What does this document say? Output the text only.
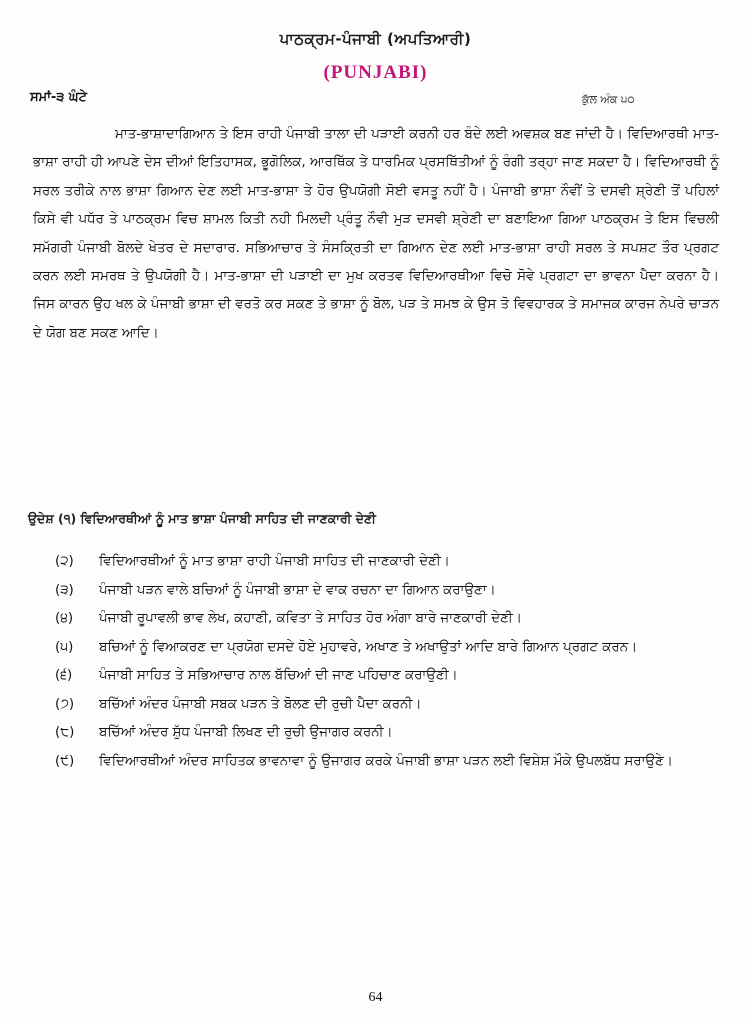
ਪਾਠਕ੍ਰਮ-ਪੰਜਾਬੀ (ਅਪਤਿਆਰੀ)
(PUNJABI)
ਸਮਾਂ-੩ ਘੰਟੇ	ਕੁੱਲ ਅੰਕ ੫੦

ਮਾਤ-ਭਾਸ਼ਾਦਾਗਿਆਨ ਤੇ ਇਸ ਰਾਹੀ ਪੰਜਾਬੀ ਤਾਲਾ ਦੀ ਪੜਾਈ ਕਰਨੀ ਹਰ ਬੰਦੇ ਲਈ ਅਵਸ਼ਕ ਬਣ ਜਾਂਦੀ ਹੈ। ਵਿਦਿਆਰਥੀ ਮਾਤ-ਭਾਸ਼ਾ ਰਾਹੀ ਹੀ ਆਪਣੇ ਦੇਸ ਦੀਆਂ ਇਤਿਹਾਸਕ, ਭੂਗੋਲਿਕ, ਆਰਥਿੱਕ ਤੇ ਧਾਰਮਿਕ ਪ੍ਰਸਥਿੱਤੀਆਂ ਨੂੰ ਰੰਗੀ ਤਰ੍ਹਾ ਜਾਣ ਸਕਦਾ ਹੈ। ਵਿਦਿਆਰਥੀ ਨੂੰ ਸਰਲ ਤਰੀਕੇ ਨਾਲ ਭਾਸ਼ਾ ਗਿਆਨ ਦੇਣ ਲਈ ਮਾਤ-ਭਾਸ਼ਾ ਤੇ ਹੋਰ ਉਪਯੋਗੀ ਸੋਈ ਵਸਤੂ ਨਹੀਂ ਹੈ। ਪੰਜਾਬੀ ਭਾਸ਼ਾ ਨੌਵੀਂ ਤੇ ਦਸਵੀ ਸ਼੍ਰੇਣੀ ਤੋਂ ਪਹਿਲਾਂ ਕਿਸੇ ਵੀ ਪਧੱਰ ਤੇ ਪਾਠਕ੍ਰਮ ਵਿਚ ਸ਼ਾਮਲ ਕਿਤੀ ਨਹੀ ਮਿਲਦੀ ਪ੍ਰੰਤੂ ਨੌਵੀ ਮੁੜ ਦਸਵੀ ਸ਼੍ਰੇਣੀ ਦਾ ਬਣਾਇਆ ਗਿਆ ਪਾਠਕ੍ਰਮ ਤੇ ਇਸ ਵਿਚਲੀ ਸਮੱਗਰੀ ਪੰਜਾਬੀ ਬੋਲਦੇ ਖੇਤਰ ਦੇ ਸਦਾਰਾਰ. ਸਭਿਆਚਾਰ ਤੇ ਸੰਸਕ੍ਰਿਤੀ ਦਾ ਗਿਆਨ ਦੇਣ ਲਈ ਮਾਤ-ਭਾਸ਼ਾ ਰਾਹੀ ਸਰਲ ਤੇ ਸਪਸ਼ਟ ਤੌਰ ਪ੍ਰਗਟ ਕਰਨ ਲਈ ਸਮਰਥ ਤੇ ਉਪਯੋਗੀ ਹੈ। ਮਾਤ-ਭਾਸ਼ਾ ਦੀ ਪੜਾਈ ਦਾ ਮੁਖ ਕਰਤਵ ਵਿਦਿਆਰਥੀਆ ਵਿਚੋ ਸੋਵੇ ਪ੍ਰਗਟਾ ਦਾ ਭਾਵਨਾ ਪੈਦਾ ਕਰਨਾ ਹੈ। ਜਿਸ ਕਾਰਨ ਉਹ ਖਲ ਕੇ ਪੰਜਾਬੀ ਭਾਸ਼ਾ ਦੀ ਵਰਤੋ ਕਰ ਸਕਣ ਤੇ ਭਾਸ਼ਾ ਨੂੰ ਬੋਲ, ਪੜ ਤੇ ਸਮਝ ਕੇ ਉਸ ਤੋ ਵਿਵਹਾਰਕ ਤੇ ਸਮਾਜਕ ਕਾਰਜ ਨੇਪਰੇ ਚਾੜਨ ਦੇ ਯੋਗ ਬਣ ਸਕਣ ਆਦਿ।

ਉਦੇਸ਼ (੧) ਵਿਦਿਆਰਥੀਆਂ ਨੂੰ ਮਾਤ ਭਾਸ਼ਾ ਪੰਜਾਬੀ ਸਾਹਿਤ ਦੀ ਜਾਣਕਾਰੀ ਦੇਣੀ
(੨)	ਵਿਦਿਆਰਥੀਆਂ ਨੂੰ ਮਾਤ ਭਾਸ਼ਾ ਰਾਹੀ ਪੰਜਾਬੀ ਸਾਹਿਤ ਦੀ ਜਾਣਕਾਰੀ ਦੇਣੀ।
(੩)	ਪੰਜਾਬੀ ਪੜਨ ਵਾਲੇ ਬਚਿਆਂ ਨੂੰ ਪੰਜਾਬੀ ਭਾਸ਼ਾ ਦੇ ਵਾਕ ਰਚਨਾ ਦਾ ਗਿਆਨ ਕਰਾਉਣਾ।
(੪)	ਪੰਜਾਬੀ ਰੂਪਾਵਲੀ ਭਾਵ ਲੇਖ, ਕਹਾਣੀ, ਕਵਿਤਾ ਤੇ ਸਾਹਿਤ ਹੋਰ ਅੰਗਾ ਬਾਰੇ ਜਾਣਕਾਰੀ ਦੇਣੀ।
(੫)	ਬਚਿਆਂ ਨੂੰ ਵਿਆਕਰਣ ਦਾ ਪ੍ਰਯੋਗ ਦਸਦੇ ਹੋਏ ਮੁਹਾਵਰੇ, ਅਖਾਣ ਤੇ ਅਖਾਉਤਾਂ ਆਦਿ ਬਾਰੇ ਗਿਆਨ ਪ੍ਰਗਟ ਕਰਨ।
(੬)	ਪੰਜਾਬੀ ਸਾਹਿਤ ਤੇ ਸਭਿਆਚਾਰ ਨਾਲ ਬੱਚਿਆਂ ਦੀ ਜਾਣ ਪਹਿਚਾਣ ਕਰਾਉਣੀ।
(੭)	ਬਚਿੱਆਂ ਅੰਦਰ ਪੰਜਾਬੀ ਸਬਕ ਪੜਨ ਤੇ ਬੋਲਣ ਦੀ ਰੁਚੀ ਪੈਦਾ ਕਰਨੀ।
(੮)	ਬਚਿੱਆਂ ਅੰਦਰ ਸ਼ੁੱਧ ਪੰਜਾਬੀ ਲਿਖਣ ਦੀ ਰੁਚੀ ਉਜਾਗਰ ਕਰਨੀ।
(੯)	ਵਿਦਿਆਰਥੀਆਂ ਅੰਦਰ ਸਾਹਿਤਕ ਭਾਵਨਾਵਾ ਨੂੰ ਉਜਾਗਰ ਕਰਕੇ ਪੰਜਾਬੀ ਭਾਸ਼ਾ ਪੜਨ ਲਈ ਵਿਸ਼ੇਸ਼ ਮੌਕੇ ਉਪਲਬੱਧ ਸਰਾਉਣੇ।
64
